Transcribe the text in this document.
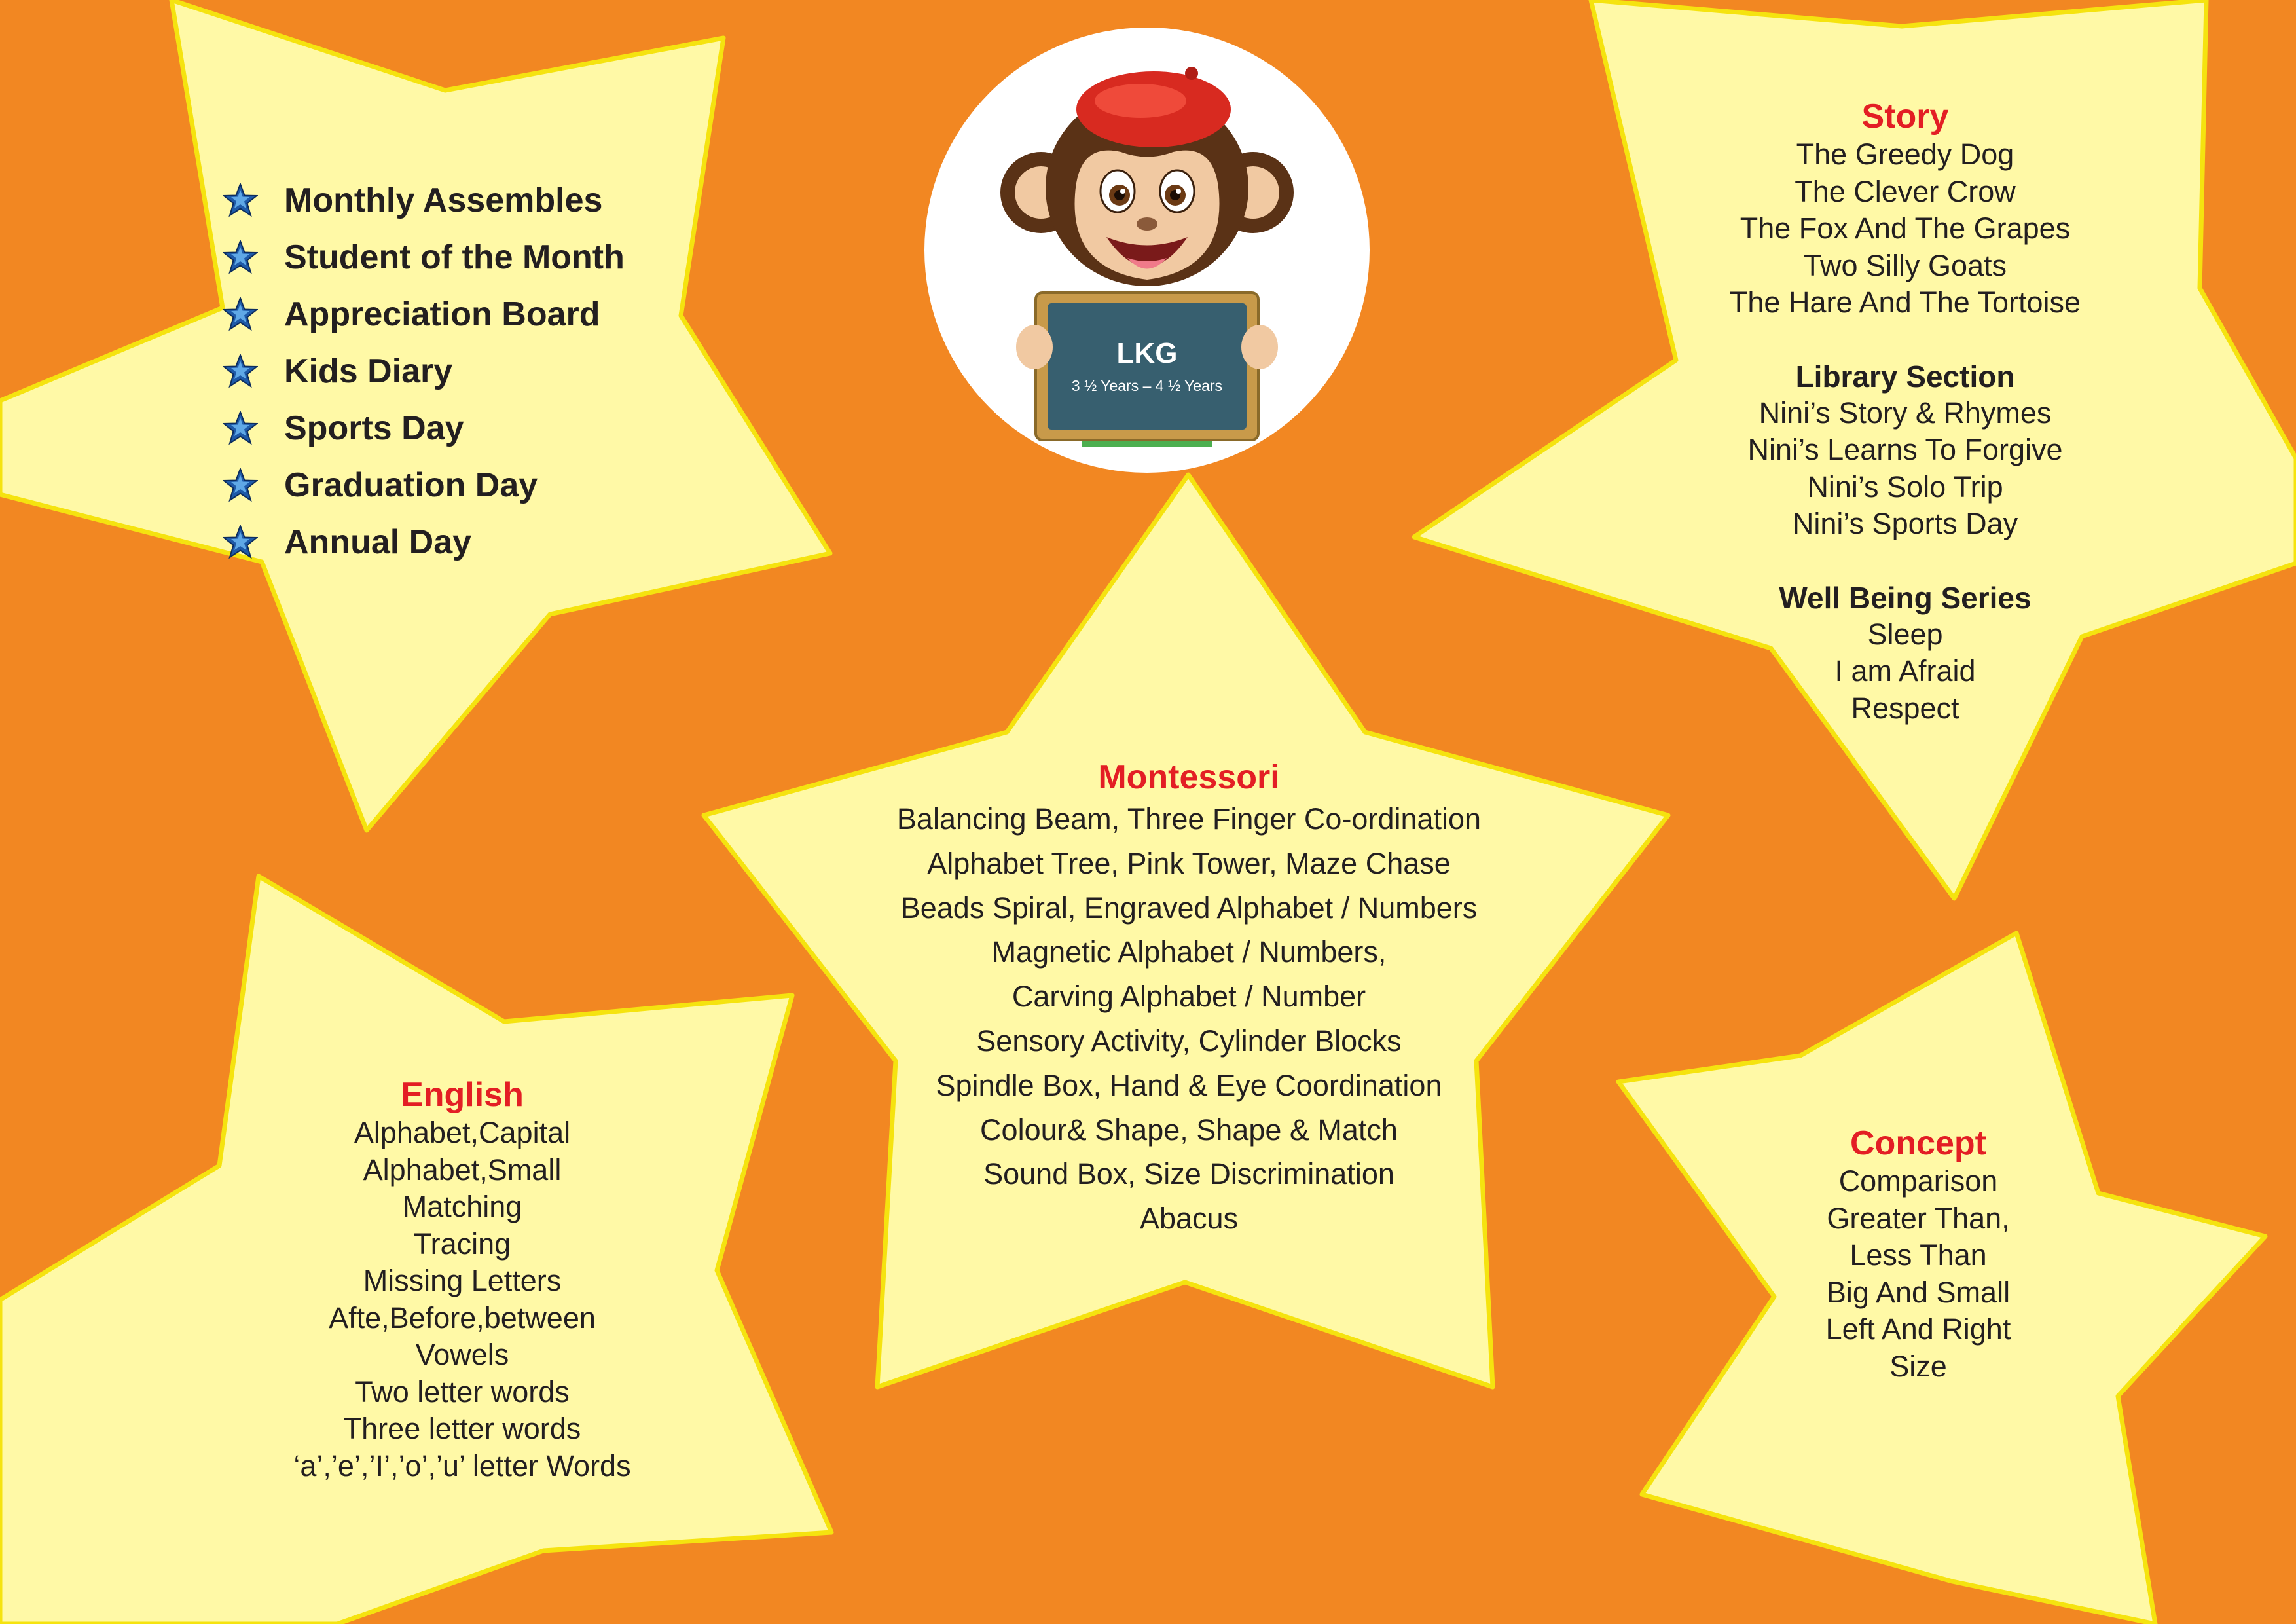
Monthly Assembles
Student of the Month
Appreciation Board
Kids Diary
Sports Day
Graduation Day
Annual Day
LKG
3 ½ Years – 4 ½ Years
Story
The Greedy Dog
The Clever Crow
The Fox And The Grapes
Two Silly Goats
The Hare And The Tortoise
Library Section
Nini’s Story & Rhymes
Nini’s Learns To Forgive
Nini’s Solo Trip
Nini’s Sports Day
Well Being Series
Sleep
I am Afraid
Respect
Montessori
Balancing Beam, Three Finger Co-ordination
Alphabet Tree, Pink Tower, Maze Chase
Beads Spiral, Engraved Alphabet / Numbers
Magnetic Alphabet / Numbers,
Carving Alphabet / Number
Sensory Activity, Cylinder Blocks
Spindle Box, Hand & Eye Coordination
Colour& Shape, Shape & Match
Sound Box, Size Discrimination
Abacus
English
Alphabet,Capital
Alphabet,Small
Matching
Tracing
Missing Letters
Afte,Before,between
Vowels
Two letter words
Three letter words
‘a’,’e’,’I’,’o’,’u’ letter Words
Concept
Comparison
Greater Than,
Less Than
Big And Small
Left And Right
Size
